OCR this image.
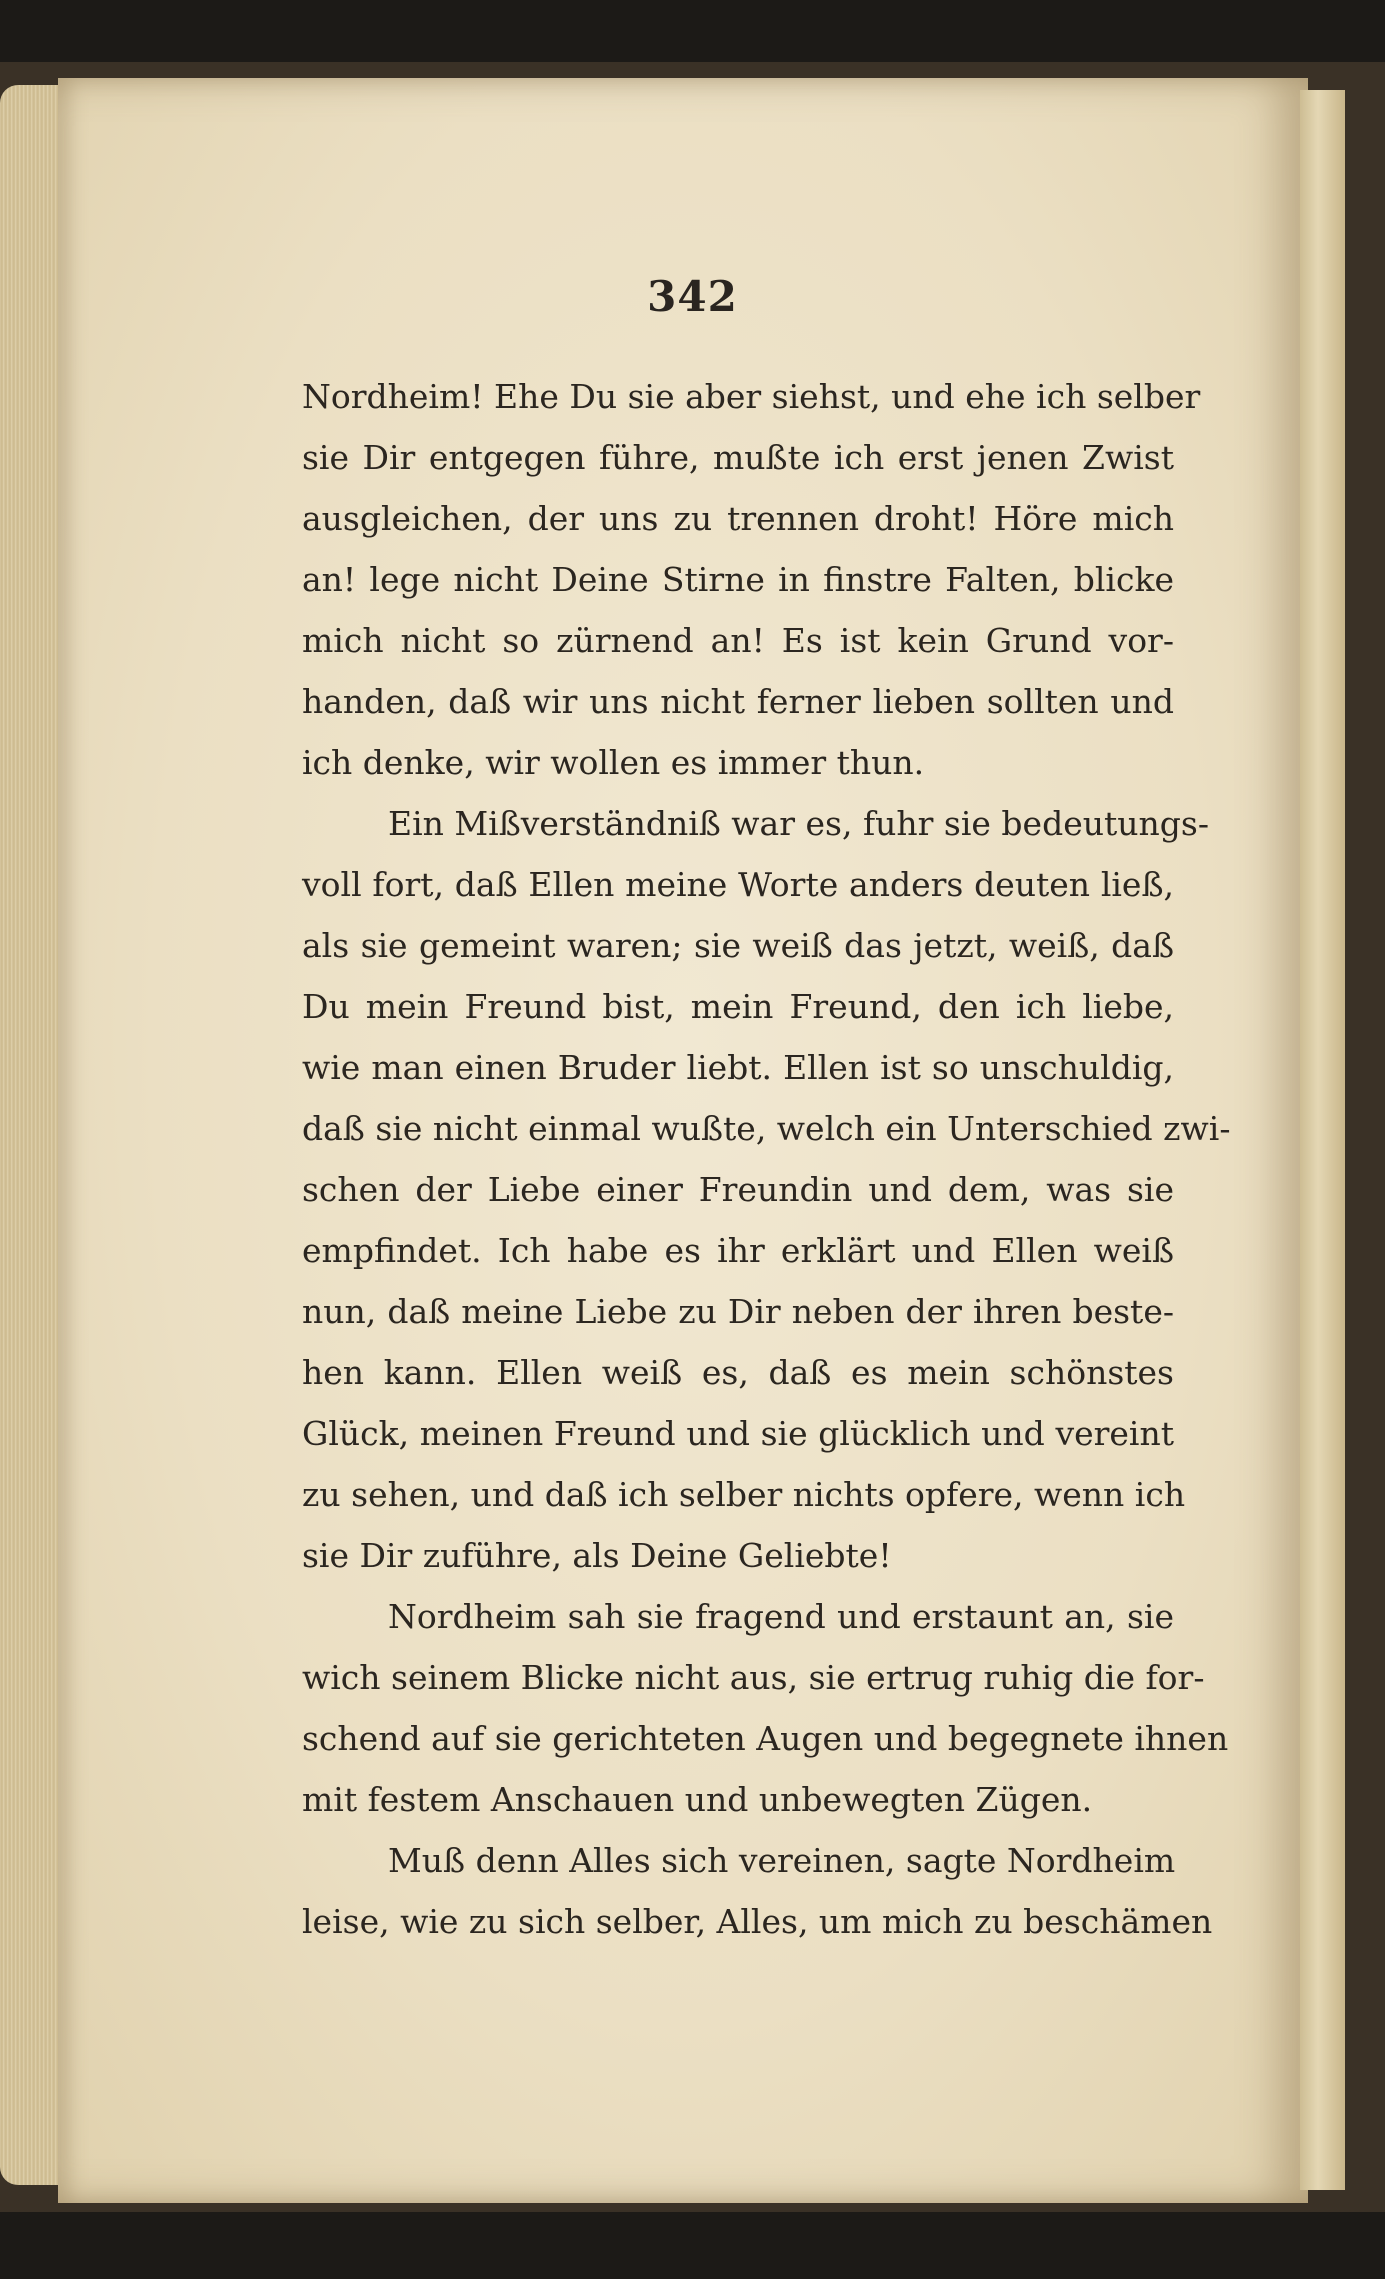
342
Nordheim! Ehe Du sie aber siehst, und ehe ich selber
sie Dir entgegen führe, mußte ich erst jenen Zwist
ausgleichen, der uns zu trennen droht! Höre mich
an! lege nicht Deine Stirne in finstre Falten, blicke
mich nicht so zürnend an! Es ist kein Grund vor-
handen, daß wir uns nicht ferner lieben sollten und
ich denke, wir wollen es immer thun.
Ein Mißverständniß war es, fuhr sie bedeutungs-
voll fort, daß Ellen meine Worte anders deuten ließ,
als sie gemeint waren; sie weiß das jetzt, weiß, daß
Du mein Freund bist, mein Freund, den ich liebe,
wie man einen Bruder liebt. Ellen ist so unschuldig,
daß sie nicht einmal wußte, welch ein Unterschied zwi-
schen der Liebe einer Freundin und dem, was sie
empfindet. Ich habe es ihr erklärt und Ellen weiß
nun, daß meine Liebe zu Dir neben der ihren beste-
hen kann. Ellen weiß es, daß es mein schönstes
Glück, meinen Freund und sie glücklich und vereint
zu sehen, und daß ich selber nichts opfere, wenn ich
sie Dir zuführe, als Deine Geliebte!
Nordheim sah sie fragend und erstaunt an, sie
wich seinem Blicke nicht aus, sie ertrug ruhig die for-
schend auf sie gerichteten Augen und begegnete ihnen
mit festem Anschauen und unbewegten Zügen.
Muß denn Alles sich vereinen, sagte Nordheim
leise, wie zu sich selber, Alles, um mich zu beschämen
